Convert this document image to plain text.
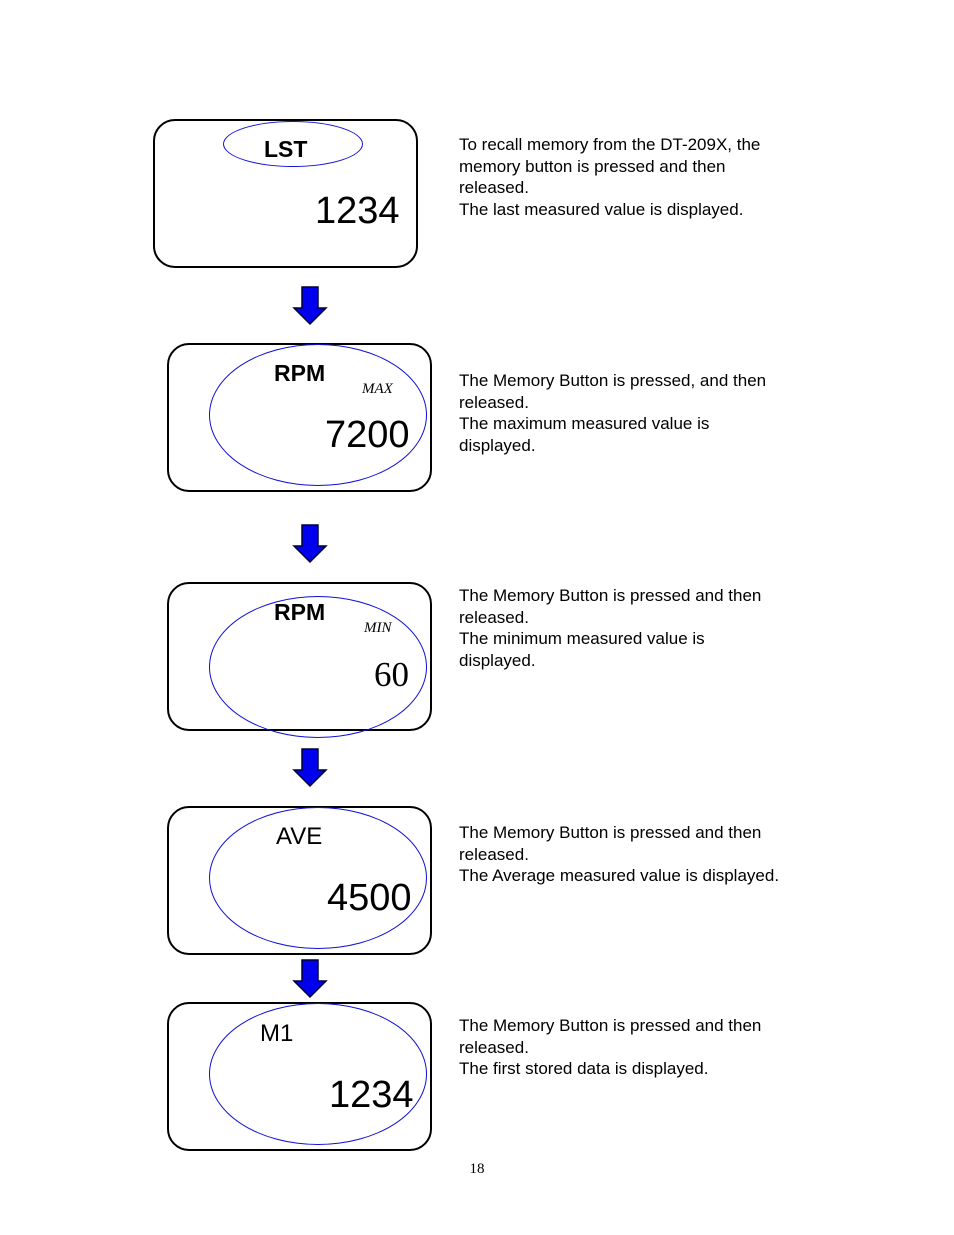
LST
1234
To recall memory from the DT-209X, the
memory button is pressed and then
released.
The last measured value is displayed.
RPM
MAX
7200
The Memory Button is pressed, and then
released.
The maximum measured value is
displayed.
RPM
MIN
60
The Memory Button is pressed and then
released.
The minimum measured value is
displayed.
AVE
4500
The Memory Button is pressed and then
released.
The Average measured value is displayed.
M1
1234
The Memory Button is pressed and then
released.
The first stored data is displayed.
18
